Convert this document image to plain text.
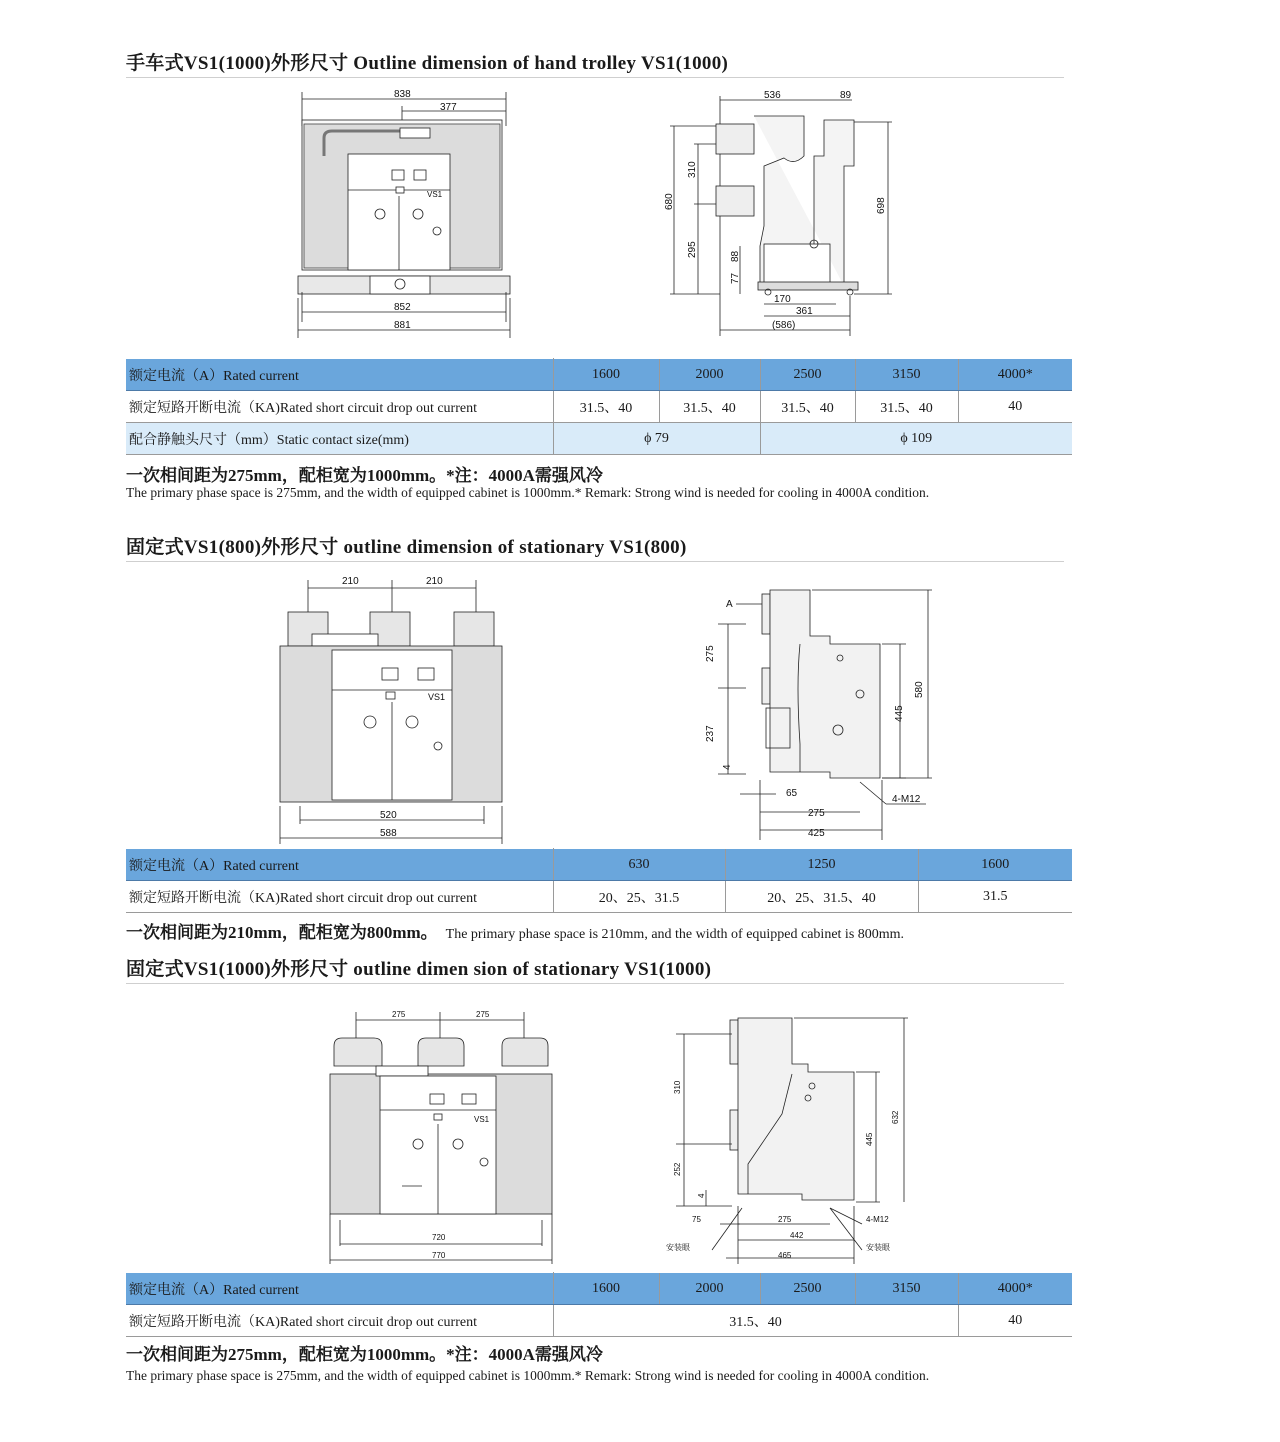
手车式VS1(1000)外形尺寸 Outline dimension of hand trolley VS1(1000)
838
377
VS1
852
881
536	89
310
680
295	88
77
698
170
361
(586)
额定电流（A）Rated current	1600	2000	2500	3150	4000*
额定短路开断电流（KA)Rated short circuit drop out current	31.5、40	31.5、40	31.5、40	31.5、40	40
配合静触头尺寸（mm）Static contact size(mm)	ϕ 79		ϕ 109		
一次相间距为275mm，配柜宽为1000mm。*注：4000A需强风冷
The primary phase space is 275mm, and the width of equipped cabinet is 1000mm.* Remark: Strong wind is needed for cooling in 4000A condition.
固定式VS1(800)外形尺寸 outline dimension of stationary VS1(800)
210	210
VS1
520
588
A
275
237
4
445
580
65
275
425
4-M12
额定电流（A）Rated current	630	1250	1600
额定短路开断电流（KA)Rated short circuit drop out current	20、25、31.5	20、25、31.5、40	31.5
一次相间距为210mm，配柜宽为800mm。 The primary phase space is 210mm, and the width of equipped cabinet is 800mm.
固定式VS1(1000)外形尺寸 outline dimen sion of stationary VS1(1000)
275	275
VS1
720
770
310
252
4
445
632
75	275
442
465
4-M12
安装眼	安装眼
额定电流（A）Rated current	1600	2000	2500	3150	4000*
额定短路开断电流（KA)Rated short circuit drop out current	31.5、40				40
一次相间距为275mm，配柜宽为1000mm。*注：4000A需强风冷
The primary phase space is 275mm, and the width of equipped cabinet is 1000mm.* Remark: Strong wind is needed for cooling in 4000A condition.
